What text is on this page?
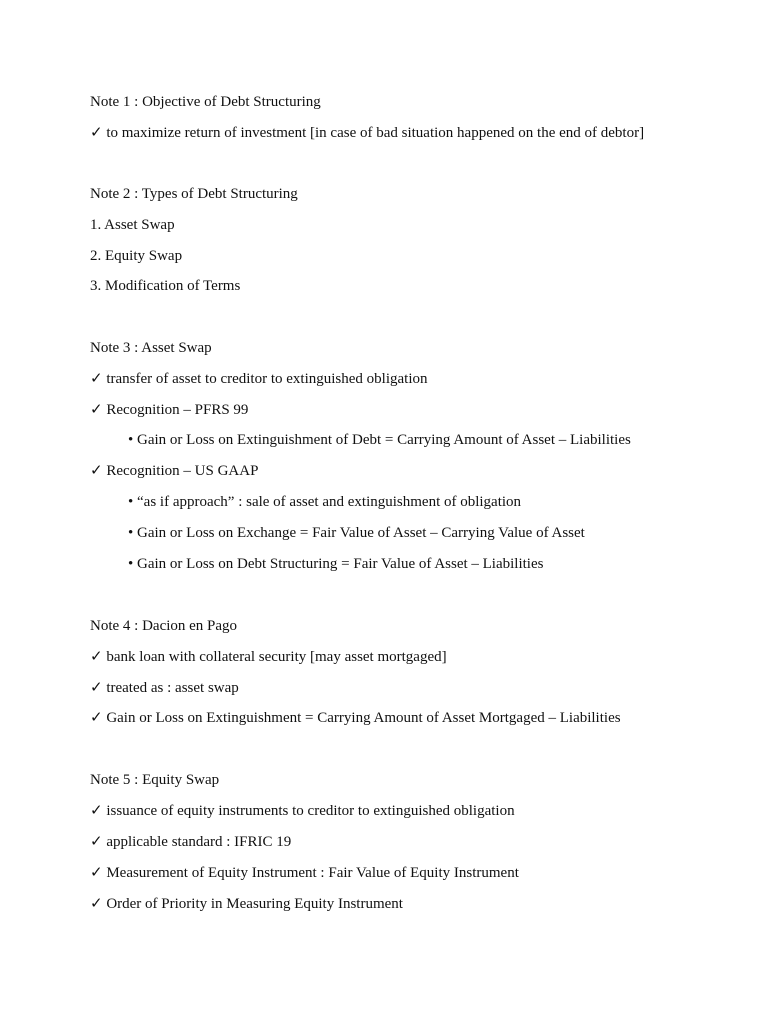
Note 1 : Objective of Debt Structuring
✓ to maximize return of investment [in case of bad situation happened on the end of debtor]
Note 2 : Types of Debt Structuring
1. Asset Swap
2. Equity Swap
3. Modification of Terms
Note 3 : Asset Swap
✓ transfer of asset to creditor to extinguished obligation
✓ Recognition – PFRS 99
• Gain or Loss on Extinguishment of Debt = Carrying Amount of Asset – Liabilities
✓ Recognition – US GAAP
• “as if approach” : sale of asset and extinguishment of obligation
• Gain or Loss on Exchange = Fair Value of Asset – Carrying Value of Asset
• Gain or Loss on Debt Structuring = Fair Value of Asset – Liabilities
Note 4 : Dacion en Pago
✓ bank loan with collateral security [may asset mortgaged]
✓ treated as : asset swap
✓ Gain or Loss on Extinguishment = Carrying Amount of Asset Mortgaged – Liabilities
Note 5 : Equity Swap
✓ issuance of equity instruments to creditor to extinguished obligation
✓ applicable standard : IFRIC 19
✓ Measurement of Equity Instrument : Fair Value of Equity Instrument
✓ Order of Priority in Measuring Equity Instrument
